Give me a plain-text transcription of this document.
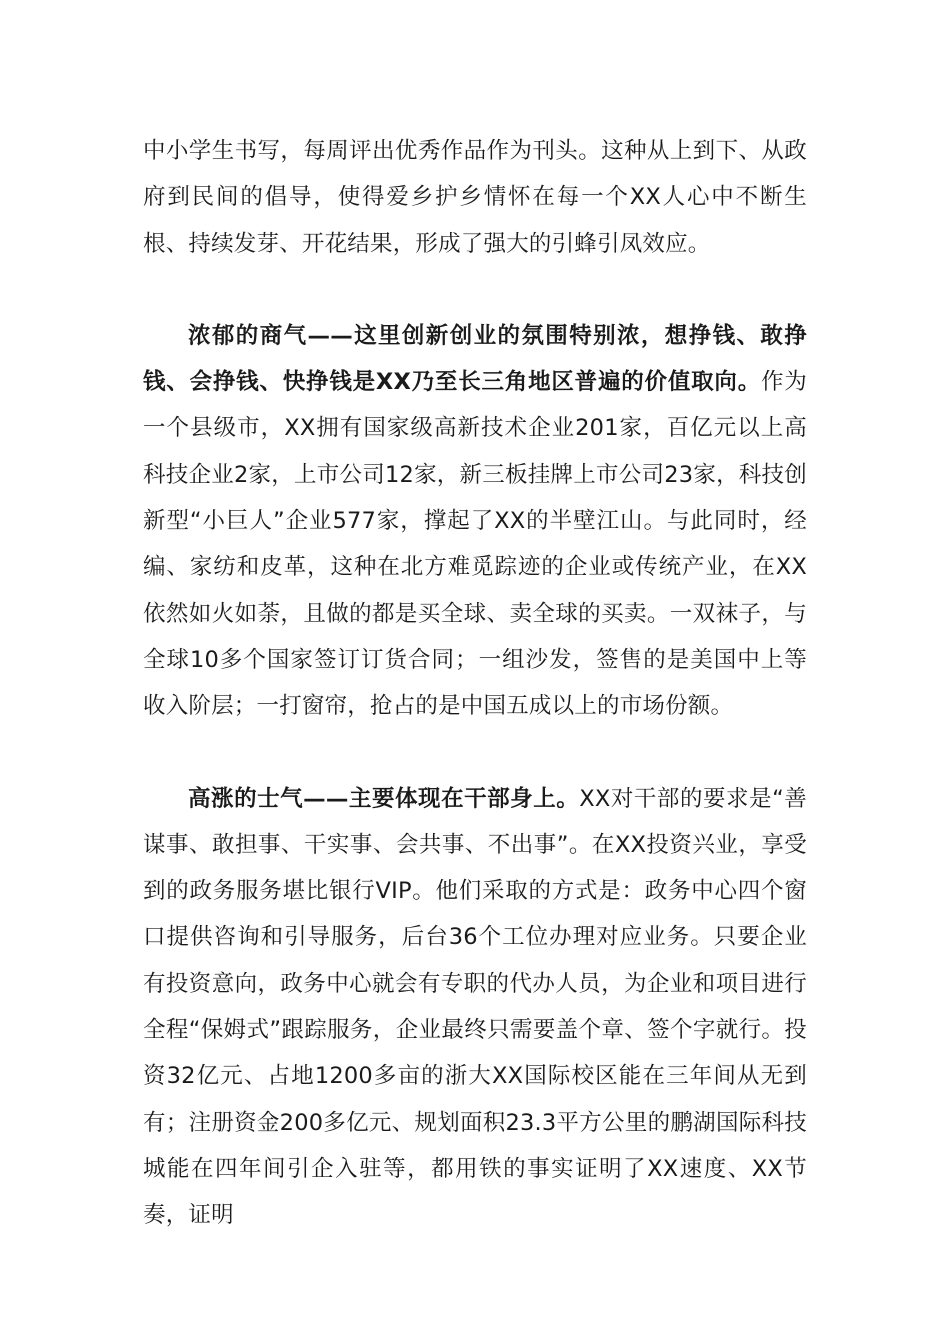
中小学生书写，每周评出优秀作品作为刊头。这种从上到下、从政府到民间的倡导，使得爱乡护乡情怀在每一个XX人心中不断生根、持续发芽、开花结果，形成了强大的引蜂引凤效应。

浓郁的商气——这里创新创业的氛围特别浓，想挣钱、敢挣钱、会挣钱、快挣钱是XX乃至长三角地区普遍的价值取向。作为一个县级市，XX拥有国家级高新技术企业201家，百亿元以上高科技企业2家，上市公司12家，新三板挂牌上市公司23家，科技创新型“小巨人”企业577家，撑起了XX的半壁江山。与此同时，经编、家纺和皮革，这种在北方难觅踪迹的企业或传统产业，在XX依然如火如荼，且做的都是买全球、卖全球的买卖。一双袜子，与全球10多个国家签订订货合同；一组沙发，签售的是美国中上等收入阶层；一打窗帘，抢占的是中国五成以上的市场份额。

高涨的士气——主要体现在干部身上。XX对干部的要求是“善谋事、敢担事、干实事、会共事、不出事”。在XX投资兴业，享受到的政务服务堪比银行VIP。他们采取的方式是：政务中心四个窗口提供咨询和引导服务，后台36个工位办理对应业务。只要企业有投资意向，政务中心就会有专职的代办人员，为企业和项目进行全程“保姆式”跟踪服务，企业最终只需要盖个章、签个字就行。投资32亿元、占地1200多亩的浙大XX国际校区能在三年间从无到有；注册资金200多亿元、规划面积23.3平方公里的鹏湖国际科技城能在四年间引企入驻等，都用铁的事实证明了XX速度、XX节奏，证明
